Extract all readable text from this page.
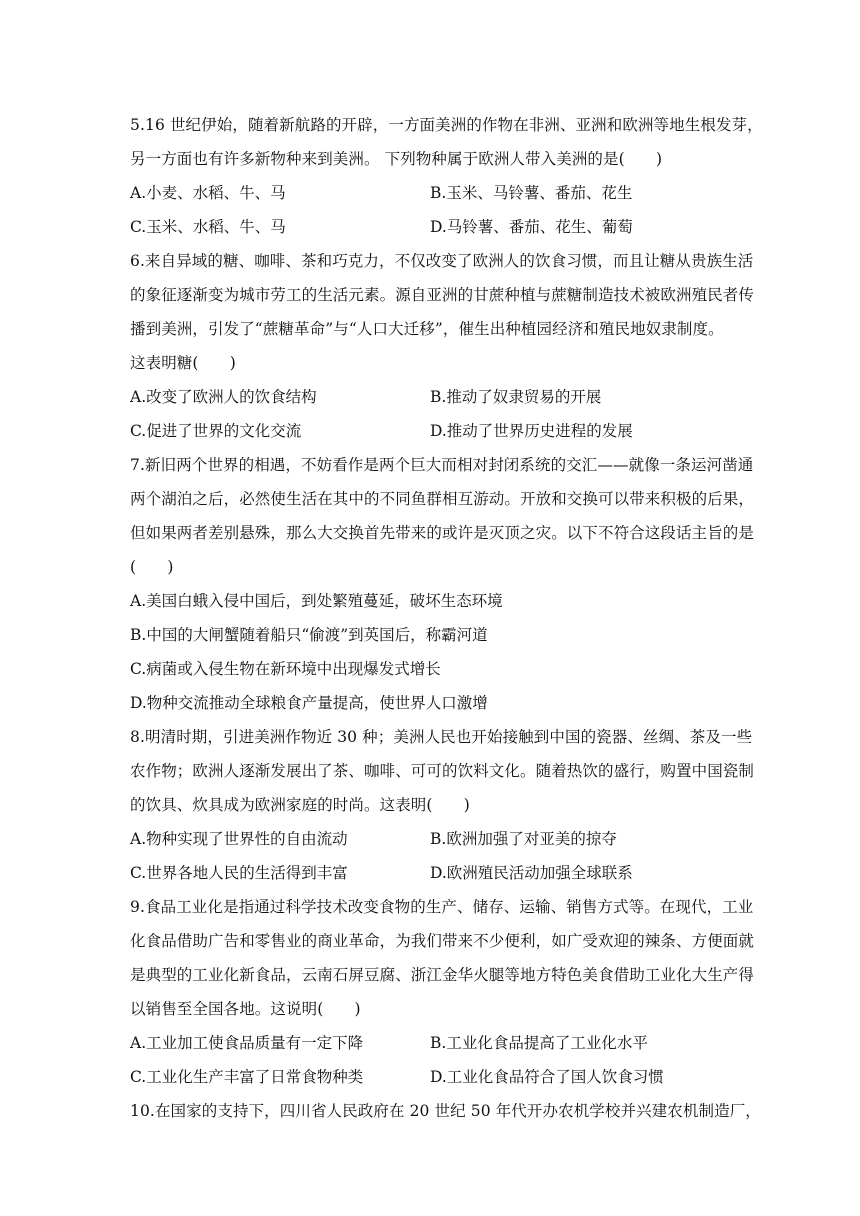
5.16 世纪伊始，随着新航路的开辟，一方面美洲的作物在非洲、亚洲和欧洲等地生根发芽，

另一方面也有许多新物种来到美洲。 下列物种属于欧洲人带入美洲的是(　　)

A.小麦、水稻、牛、马	B.玉米、马铃薯、番茄、花生

C.玉米、水稻、牛、马	D.马铃薯、番茄、花生、葡萄

6.来自异域的糖、咖啡、茶和巧克力，不仅改变了欧洲人的饮食习惯，而且让糖从贵族生活

的象征逐渐变为城市劳工的生活元素。源自亚洲的甘蔗种植与蔗糖制造技术被欧洲殖民者传

播到美洲，引发了“蔗糖革命”与“人口大迁移”，催生出种植园经济和殖民地奴隶制度。

这表明糖(　　)

A.改变了欧洲人的饮食结构	B.推动了奴隶贸易的开展

C.促进了世界的文化交流	D.推动了世界历史进程的发展

7.新旧两个世界的相遇，不妨看作是两个巨大而相对封闭系统的交汇——就像一条运河凿通

两个湖泊之后，必然使生活在其中的不同鱼群相互游动。开放和交换可以带来积极的后果，

但如果两者差别悬殊，那么大交换首先带来的或许是灭顶之灾。以下不符合这段话主旨的是

(　　)

A.美国白蛾入侵中国后，到处繁殖蔓延，破坏生态环境

B.中国的大闸蟹随着船只“偷渡”到英国后，称霸河道

C.病菌或入侵生物在新环境中出现爆发式增长

D.物种交流推动全球粮食产量提高，使世界人口激增

8.明清时期，引进美洲作物近 30 种；美洲人民也开始接触到中国的瓷器、丝绸、茶及一些

农作物；欧洲人逐渐发展出了茶、咖啡、可可的饮料文化。随着热饮的盛行，购置中国瓷制

的饮具、炊具成为欧洲家庭的时尚。这表明(　　)

A.物种实现了世界性的自由流动	B.欧洲加强了对亚美的掠夺

C.世界各地人民的生活得到丰富	D.欧洲殖民活动加强全球联系

9.食品工业化是指通过科学技术改变食物的生产、储存、运输、销售方式等。在现代，工业

化食品借助广告和零售业的商业革命，为我们带来不少便利，如广受欢迎的辣条、方便面就

是典型的工业化新食品，云南石屏豆腐、浙江金华火腿等地方特色美食借助工业化大生产得

以销售至全国各地。这说明(　　)

A.工业加工使食品质量有一定下降	B.工业化食品提高了工业化水平

C.工业化生产丰富了日常食物种类	D.工业化食品符合了国人饮食习惯

10.在国家的支持下，四川省人民政府在 20 世纪 50 年代开办农机学校并兴建农机制造厂，
